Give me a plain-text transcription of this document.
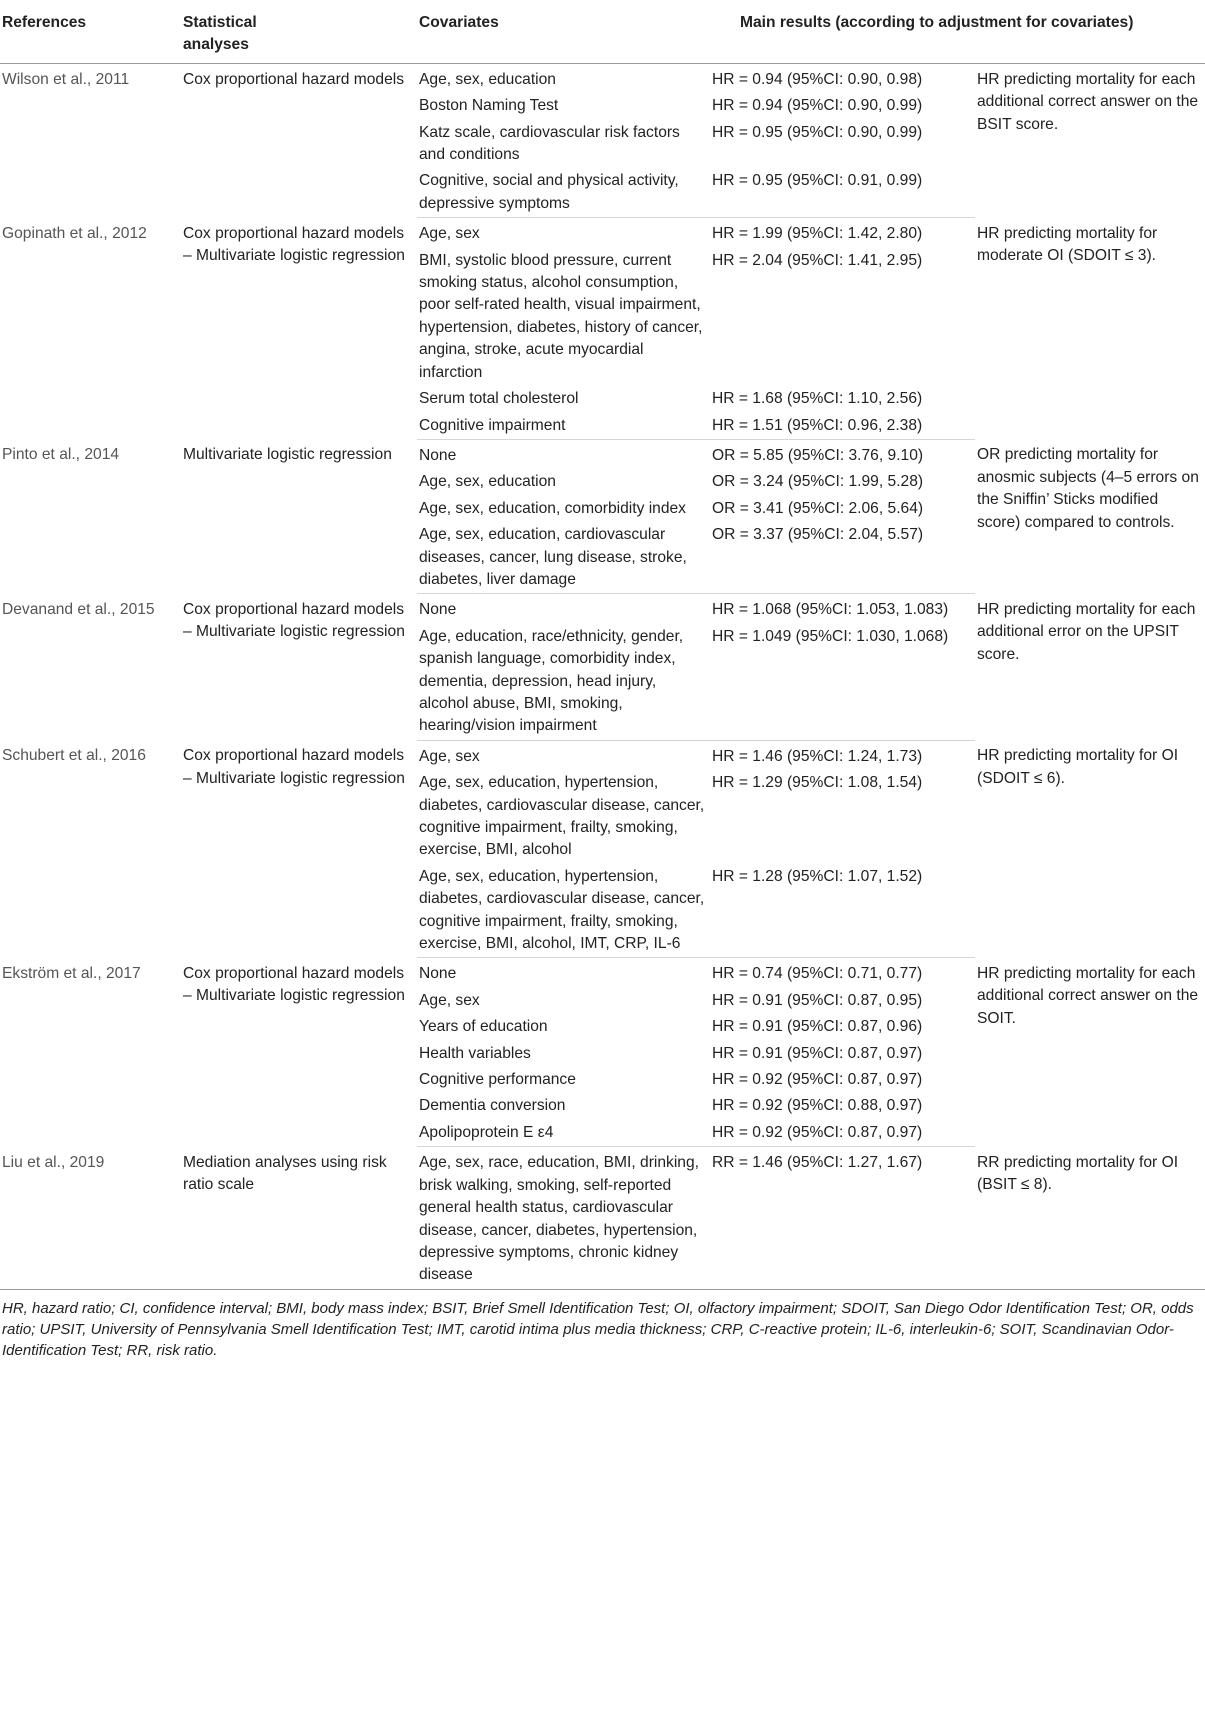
References	Statistical analyses	Covariates	Main results (according to adjustment for covariates)	
Wilson et al., 2011	Cox proportional hazard models	Age, sex, education	HR = 0.94 (95%CI: 0.90, 0.98)	HR predicting mortality for each additional correct answer on the BSIT score.
		Boston Naming Test	HR = 0.94 (95%CI: 0.90, 0.99)	
		Katz scale, cardiovascular risk factors and conditions	HR = 0.95 (95%CI: 0.90, 0.99)	
		Cognitive, social and physical activity, depressive symptoms	HR = 0.95 (95%CI: 0.91, 0.99)	
Gopinath et al., 2012	Cox proportional hazard models – Multivariate logistic regression	Age, sex	HR = 1.99 (95%CI: 1.42, 2.80)	HR predicting mortality for moderate OI (SDOIT ≤ 3).
		BMI, systolic blood pressure, current smoking status, alcohol consumption, poor self-rated health, visual impairment, hypertension, diabetes, history of cancer, angina, stroke, acute myocardial infarction	HR = 2.04 (95%CI: 1.41, 2.95)	
		Serum total cholesterol	HR = 1.68 (95%CI: 1.10, 2.56)	
		Cognitive impairment	HR = 1.51 (95%CI: 0.96, 2.38)	
Pinto et al., 2014	Multivariate logistic regression	None	OR = 5.85 (95%CI: 3.76, 9.10)	OR predicting mortality for anosmic subjects (4–5 errors on the Sniffin’ Sticks modified score) compared to controls.
		Age, sex, education	OR = 3.24 (95%CI: 1.99, 5.28)	
		Age, sex, education, comorbidity index	OR = 3.41 (95%CI: 2.06, 5.64)	
		Age, sex, education, cardiovascular diseases, cancer, lung disease, stroke, diabetes, liver damage	OR = 3.37 (95%CI: 2.04, 5.57)	
Devanand et al., 2015	Cox proportional hazard models – Multivariate logistic regression	None	HR = 1.068 (95%CI: 1.053, 1.083)	HR predicting mortality for each additional error on the UPSIT score.
		Age, education, race/ethnicity, gender, spanish language, comorbidity index, dementia, depression, head injury, alcohol abuse, BMI, smoking, hearing/vision impairment	HR = 1.049 (95%CI: 1.030, 1.068)	
Schubert et al., 2016	Cox proportional hazard models – Multivariate logistic regression	Age, sex	HR = 1.46 (95%CI: 1.24, 1.73)	HR predicting mortality for OI (SDOIT ≤ 6).
		Age, sex, education, hypertension, diabetes, cardiovascular disease, cancer, cognitive impairment, frailty, smoking, exercise, BMI, alcohol	HR = 1.29 (95%CI: 1.08, 1.54)	
		Age, sex, education, hypertension, diabetes, cardiovascular disease, cancer, cognitive impairment, frailty, smoking, exercise, BMI, alcohol, IMT, CRP, IL-6	HR = 1.28 (95%CI: 1.07, 1.52)	
Ekström et al., 2017	Cox proportional hazard models – Multivariate logistic regression	None	HR = 0.74 (95%CI: 0.71, 0.77)	HR predicting mortality for each additional correct answer on the SOIT.
		Age, sex	HR = 0.91 (95%CI: 0.87, 0.95)	
		Years of education	HR = 0.91 (95%CI: 0.87, 0.96)	
		Health variables	HR = 0.91 (95%CI: 0.87, 0.97)	
		Cognitive performance	HR = 0.92 (95%CI: 0.87, 0.97)	
		Dementia conversion	HR = 0.92 (95%CI: 0.88, 0.97)	
		Apolipoprotein E ε4	HR = 0.92 (95%CI: 0.87, 0.97)	
Liu et al., 2019	Mediation analyses using risk ratio scale	Age, sex, race, education, BMI, drinking, brisk walking, smoking, self-reported general health status, cardiovascular disease, cancer, diabetes, hypertension, depressive symptoms, chronic kidney disease	RR = 1.46 (95%CI: 1.27, 1.67)	RR predicting mortality for OI (BSIT ≤ 8).
HR, hazard ratio; CI, confidence interval; BMI, body mass index; BSIT, Brief Smell Identification Test; OI, olfactory impairment; SDOIT, San Diego Odor Identification Test; OR, odds ratio; UPSIT, University of Pennsylvania Smell Identification Test; IMT, carotid intima plus media thickness; CRP, C-reactive protein; IL-6, interleukin-6; SOIT, Scandinavian Odor-Identification Test; RR, risk ratio.
